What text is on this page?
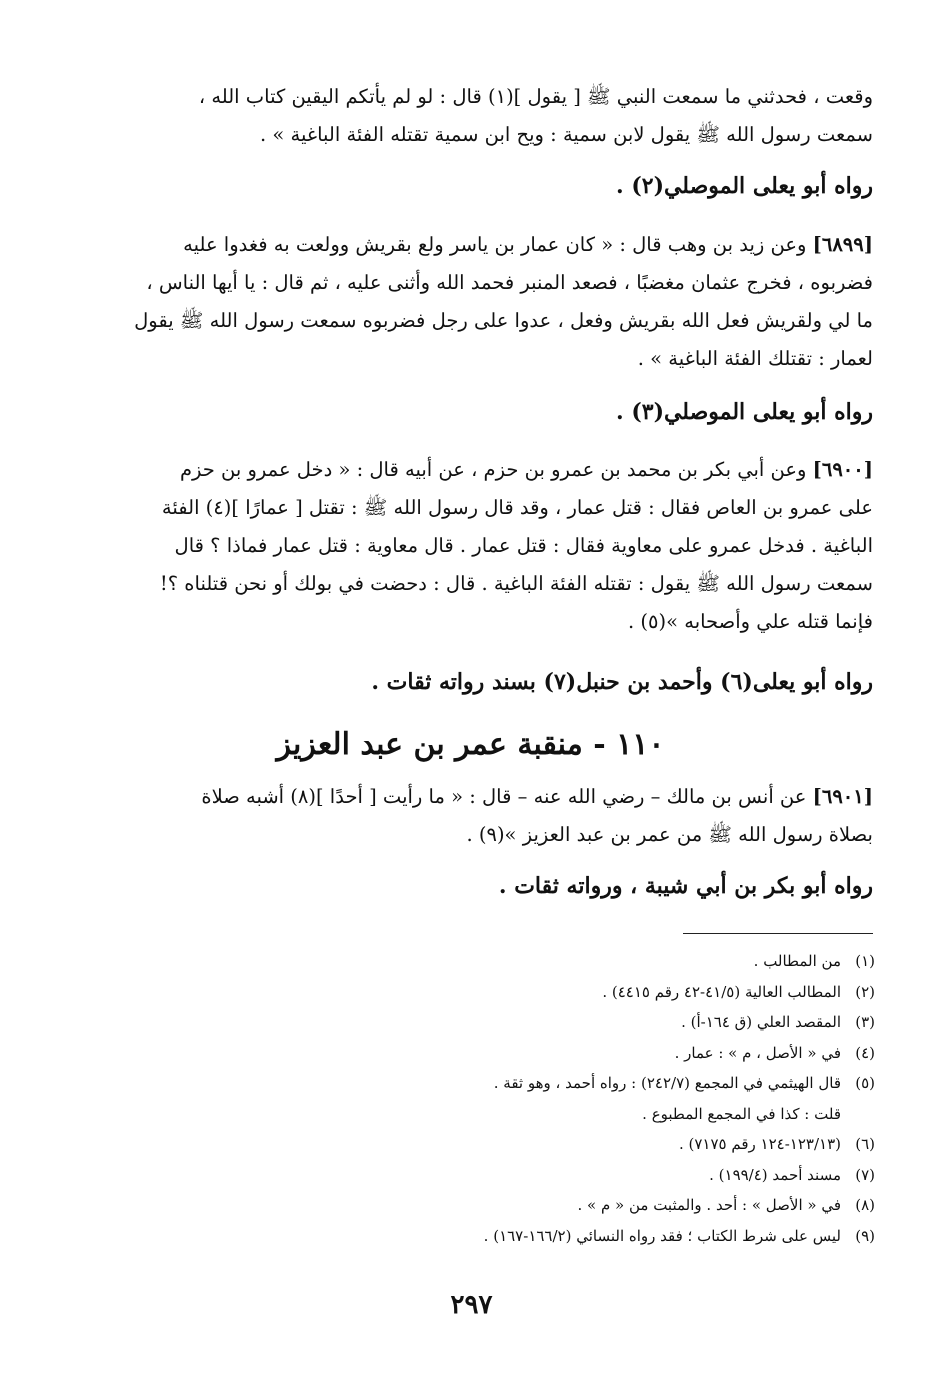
وقعت ، فحدثني ما سمعت النبي ﷺ [ يقول ](١) قال : لو لم يأتكم اليقين كتاب الله ،

سمعت رسول الله ﷺ يقول لابن سمية : ويح ابن سمية تقتله الفئة الباغية » .

رواه أبو يعلى الموصلي(٢) .

[٦٨٩٩] وعن زيد بن وهب قال : « كان عمار بن ياسر ولع بقريش وولعت به فغدوا عليه

فضربوه ، فخرج عثمان مغضبًا ، فصعد المنبر فحمد الله وأثنى عليه ، ثم قال : يا أيها الناس ،

ما لي ولقريش فعل الله بقريش وفعل ، عدوا على رجل فضربوه سمعت رسول الله ﷺ يقول

لعمار : تقتلك الفئة الباغية » .

رواه أبو يعلى الموصلي(٣) .

[٦٩٠٠] وعن أبي بكر بن محمد بن عمرو بن حزم ، عن أبيه قال : « دخل عمرو بن حزم

على عمرو بن العاص فقال : قتل عمار ، وقد قال رسول الله ﷺ : تقتل [ عمارًا ](٤) الفئة

الباغية . فدخل عمرو على معاوية فقال : قتل عمار . قال معاوية : قتل عمار فماذا ؟ قال

سمعت رسول الله ﷺ يقول : تقتله الفئة الباغية . قال : دحضت في بولك أو نحن قتلناه ؟!

فإنما قتله علي وأصحابه »(٥) .

رواه أبو يعلى(٦) وأحمد بن حنبل(٧) بسند رواته ثقات .

١١٠ - منقبة عمر بن عبد العزيز

[٦٩٠١] عن أنس بن مالك – رضي الله عنه – قال : « ما رأيت [ أحدًا ](٨) أشبه صلاة

بصلاة رسول الله ﷺ من عمر بن عبد العزيز »(٩) .

رواه أبو بكر بن أبي شيبة ، ورواته ثقات .

(١)
من المطالب .
(٢)
المطالب العالية (٤١/٥-٤٢ رقم ٤٤١٥) .
(٣)
المقصد العلي (ق ١٦٤-أ) .
(٤)
في « الأصل ، م » : عمار .
(٥)
قال الهيثمي في المجمع (٢٤٢/٧) : رواه أحمد ، وهو ثقة .
قلت : كذا في المجمع المطبوع .
(٦)
(١٢٣/١٣-١٢٤ رقم ٧١٧٥) .
(٧)
مسند أحمد (١٩٩/٤) .
(٨)
في « الأصل » : أحد . والمثبت من « م » .
(٩)
ليس على شرط الكتاب ؛ فقد رواه النسائي (١٦٦/٢-١٦٧) .
٢٩٧
